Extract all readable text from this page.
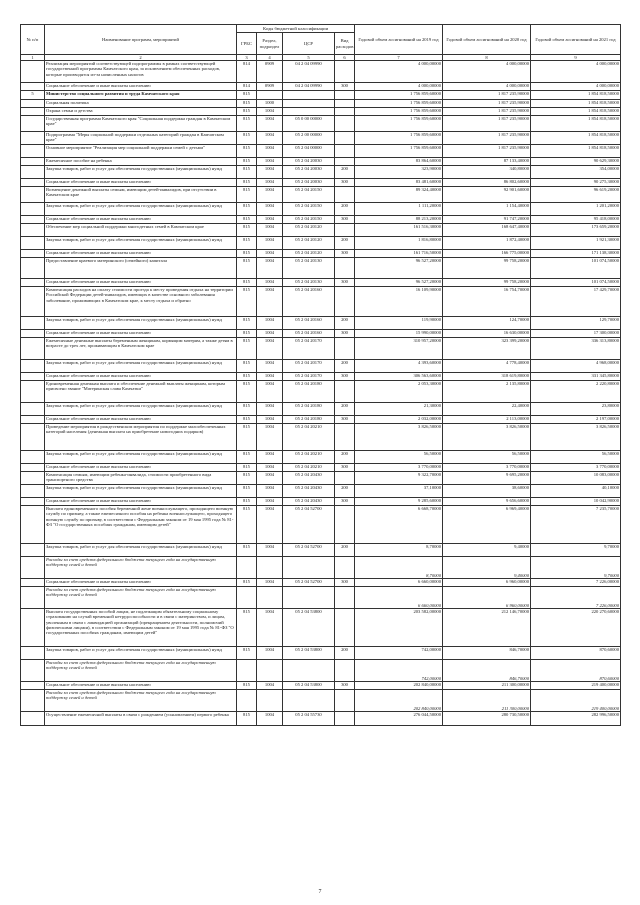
№ п/п	Наименование программ, мероприятий	Коды бюджетной классификации				Годовой объем ассигнований на 2019 год	Годовой объем ассигнований на 2020 год	Годовой объем ассигнований на 2021 год
		ГРБС	Раздел, подраздел	ЦСР	Вид расходов			
1	2	3	4	5	6	7	8	9
	Реализация мероприятий соответствующей подпрограммы в рамках соответствующей государственной программы Камчатского края, за исключением обеспеченных расходов, которые производятся из-за начисленных налогов	814	0909	04 2 04 09990		4 000,00000	4 000,00000	4 000,00000
	Социальное обеспечение и иные выплаты населению	814	0909	04 2 04 09990	300	4 000,00000	4 000,00000	4 000,00000
5	Министерство социального развития и труда Камчатского края	815				1 756 859,60000	1 817 235,90000	1 854 818,50000
	Социальная политика	815	1000			1 756 859,60000	1 817 235,90000	1 854 818,50000
	Охрана семьи и детства	815	1004			1 756 859,60000	1 817 235,90000	1 854 818,50000
	Государственная программа Камчатского края "Социальная поддержка граждан в Камчатском крае"	815	1004	05 0 00 00000		1 756 859,60000	1 817 235,90000	1 854 818,50000
	Подпрограмма "Меры социальной поддержки отдельных категорий граждан в Камчатском крае"	815	1004	05 2 00 00000		1 756 859,60000	1 817 235,90000	1 854 818,50000
	Основное мероприятие "Реализация мер социальной поддержки семей с детьми"	815	1004	05 2 04 00000		1 756 859,60000	1 817 235,90000	1 854 818,50000
	Ежемесячное пособие на ребенка	815	1004	05 2 04 20030		83 864,60000	87 133,40000	90 629,30000
	Закупка товаров, работ и услуг для обеспечения государственных (муниципальных) нужд	815	1004	05 2 04 20030	200	323,90000	340,80000	354,00000
	Социальное обеспечение и иные выплаты населению	815	1004	05 2 04 20030	300	83 481,60000	86 802,60000	90 275,30000
	Возмещение денежной выплаты семьям, имеющим детей-инвалидов, при отсутствии в Камчатском крае	815	1004	05 2 04 20150		89 324,40000	92 901,60000	96 619,20000
	Закупка товаров, работ и услуг для обеспечения государственных (муниципальных) нужд	815	1004	05 2 04 20150	200	1 111,20000	1 154,40000	1 201,20000
	Социальное обеспечение и иные выплаты населению	815	1004	05 2 04 20150	300	88 213,20000	91 747,20000	95 418,00000
	Обеспечение мер социальной поддержки многодетных семей в Камчатском крае	815	1004	05 2 04 20120		161 516,30000	168 647,40000	173 659,20000
	Закупка товаров, работ и услуг для обеспечения государственных (муниципальных) нужд	815	1004	05 2 04 20120	200	1 816,80000	1 872,40000	1 921,30000
	Социальное обеспечение и иные выплаты населению	815	1004	05 2 04 20120	300	161 716,50000	166 775,00000	171 138,30000
	Предоставление краевого материнского (семейного) капитала	815	1004	05 2 04 20130		96 527,20000	99 758,20000	101 074,50000
	Социальное обеспечение и иные выплаты населению	815	1004	05 2 04 20130	300	96 527,20000	99 758,20000	101 074,50000
	Компенсация расходов на оплату стоимости проезда к месту проведения отдыха на территории Российской Федерации детей-инвалидов, имеющих в качестве основного заболевания заболевание, проживающих в Камчатском крае, к месту отдыха и обратно	815	1004	05 2 04 20160		16 109,90000	16 754,70000	17 429,70000
	Закупка товаров, работ и услуг для обеспечения государственных (муниципальных) нужд	815	1004	05 2 04 20160	200	119,90000	124,70000	129,70000
	Социальное обеспечение и иные выплаты населению	815	1004	05 2 04 20160	300	15 990,00000	16 630,00000	17 300,00000
	Ежемесячные денежные выплаты беременным женщинам, кормящим матерям, а также детям в возрасте до трех лет, проживающим в Камчатском крае	815	1004	05 2 04 20170		310 957,20000	323 399,20000	336 313,80000
	Закупка товаров, работ и услуг для обеспечения государственных (муниципальных) нужд	815	1004	05 2 04 20170	200	4 393,60000	4 778,40000	4 968,00000
	Социальное обеспечение и иные выплаты населению	815	1004	05 2 04 20170	300	306 563,60000	318 619,80000	331 345,80000
	Единовременная денежная выплата и обеспечение денежной выплаты женщинам, которым присвоено звание "Материнская слава Камчатки"	815	1004	05 2 04 20180		2 053,30000	2 135,80000	2 220,80000
	Закупка товаров, работ и услуг для обеспечения государственных (муниципальных) нужд	815	1004	05 2 04 20180	200	21,30000	22,40000	23,80000
	Социальное обеспечение и иные выплаты населению	815	1004	05 2 04 20180	300	2 032,00000	2 113,00000	2 197,00000
	Проведение мероприятия в рождественском мероприятия по поддержке малообеспеченных категорий населения (денежная выплата на приобретение новогодних подарков)	815	1004	05 2 04 20210		3 826,50000	3 826,50000	3 826,50000
	Закупка товаров, работ и услуг для обеспечения государственных (муниципальных) нужд	815	1004	05 2 04 20210	200	56,50000	56,50000	56,50000
	Социальное обеспечение и иные выплаты населению	815	1004	05 2 04 20210	300	3 770,00000	3 770,00000	3 770,00000
	Компенсация семьям, имеющим ребенка-инвалида, стоимости приобретенного вида транспортного средства	815	1004	05 2 04 20430		9 322,70000	9 695,20000	10 083,00000
	Закупка товаров, работ и услуг для обеспечения государственных (муниципальных) нужд	815	1004	05 2 04 20430	200	37,10000	38,60000	40,10000
	Социальное обеспечение и иные выплаты населению	815	1004	05 2 04 20430	300	9 285,60000	9 656,60000	10 042,90000
	Выплата единовременного пособия беременной жене военнослужащего, проходящего военную службу по призыву, а также ежемесячного пособия на ребенка военнослужащего, проходящего военную службу по призыву, в соответствии с Федеральным законом от 19 мая 1995 года № 81-ФЗ "О государственных пособиях гражданам, имеющим детей"	815	1004	05 2 04 52700		6 668,70000	6 969,40000	7 235,70000
	Закупка товаров, работ и услуг для обеспечения государственных (муниципальных) нужд	815	1004	05 2 04 52700	200	8,70000	9,40000	9,70000
	Расходы за счет средств федерального бюджета текущего года на государственную поддержку семей и детей					8,70000	9,40000	9,70000
	Социальное обеспечение и иные выплаты населению	815	1004	05 2 04 52700	300	6 660,00000	6 960,00000	7 226,00000
	Расходы за счет средств федерального бюджета текущего года на государственную поддержку семей и детей					6 660,00000	6 960,00000	7 226,00000
	Выплата государственных пособий лицам, не подлежащим обязательному социальному страхованию на случай временной нетрудоспособности и в связи с материнством, и лицам, уволенным в связи с ликвидацией организаций (прекращением деятельности, полномочий физическими лицами), в соответствии с Федеральным законом от 19 мая 1995 года № 81-ФЗ "О государственных пособиях гражданам, имеющим детей"	815	1004	05 2 04 53800		203 582,00000	212 146,70000	220 270,60000
	Закупка товаров, работ и услуг для обеспечения государственных (муниципальных) нужд	815	1004	05 2 04 53800	200	742,00000	846,70000	870,60000
	Расходы за счет средств федерального бюджета текущего года на государственную поддержку семей и детей					742,00000	846,70000	870,60000
	Социальное обеспечение и иные выплаты населению	815	1004	05 2 04 53800	300	202 840,00000	211 300,00000	219 400,00000
	Расходы за счет средств федерального бюджета текущего года на государственную поддержку семей и детей					202 840,00000	211 300,00000	219 400,00000
	Осуществление ежемесячной выплаты в связи с рождением (усыновлением) первого ребенка	815	1004	05 2 04 55730		276 044,50000	280 730,50000	282 996,50000
7
